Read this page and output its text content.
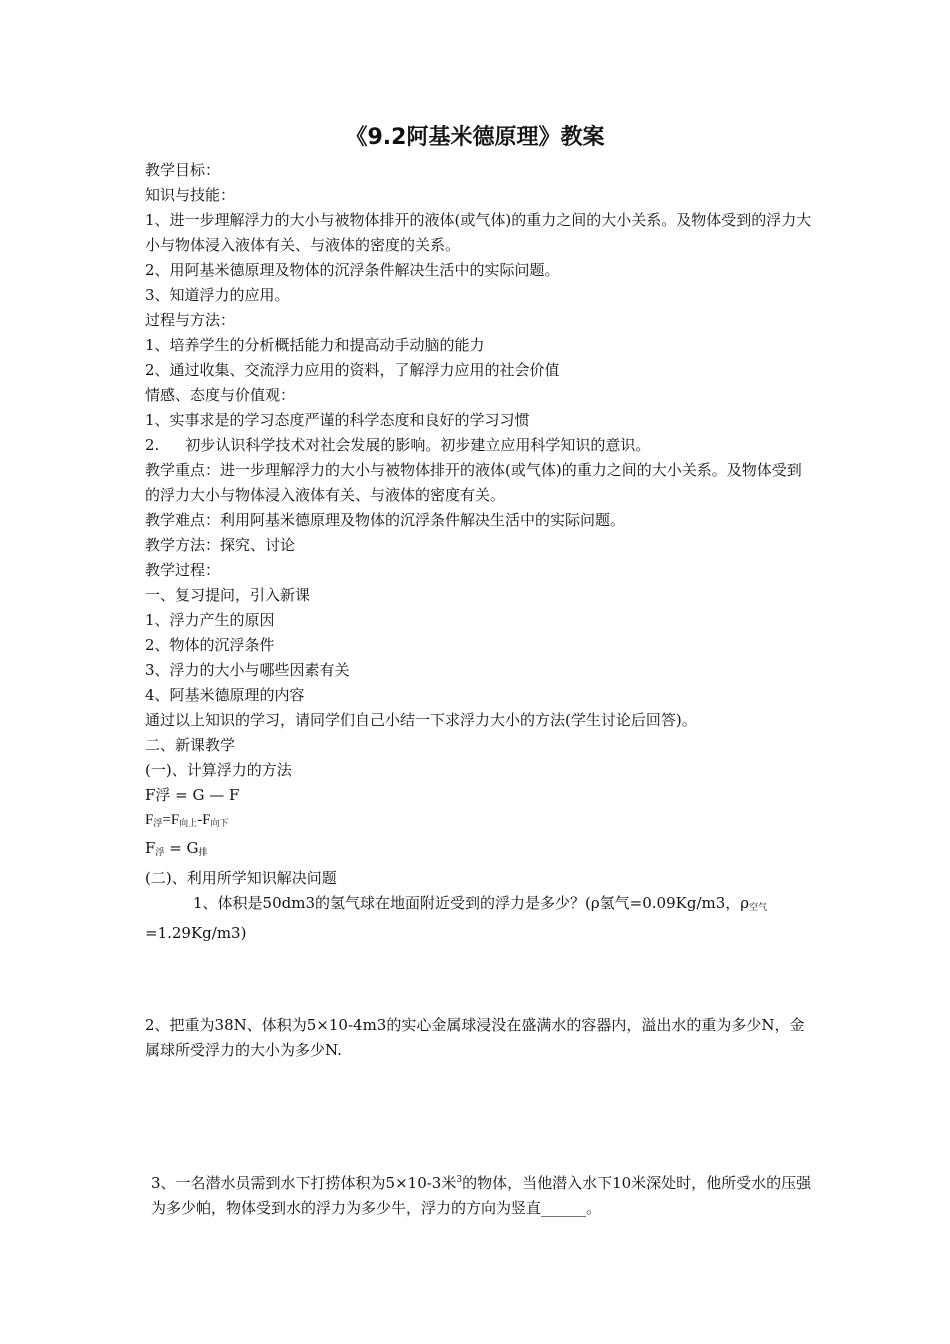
《9.2阿基米德原理》教案
教学目标：
知识与技能：
1、进一步理解浮力的大小与被物体排开的液体(或气体)的重力之间的大小关系。及物体受到的浮力大小与物体浸入液体有关、与液体的密度的关系。
2、用阿基米德原理及物体的沉浮条件解决生活中的实际问题。
3、知道浮力的应用。
过程与方法：
1、培养学生的分析概括能力和提高动手动脑的能力
2、通过收集、交流浮力应用的资料，了解浮力应用的社会价值
情感、态度与价值观：
1、实事求是的学习态度严谨的科学态度和良好的学习习惯
2. 初步认识科学技术对社会发展的影响。初步建立应用科学知识的意识。
教学重点：进一步理解浮力的大小与被物体排开的液体(或气体)的重力之间的大小关系。及物体受到的浮力大小与物体浸入液体有关、与液体的密度有关。
教学难点：利用阿基米德原理及物体的沉浮条件解决生活中的实际问题。
教学方法：探究、讨论
教学过程：
一、复习提问，引入新课
1、浮力产生的原因
2、物体的沉浮条件
3、浮力的大小与哪些因素有关
4、阿基米德原理的内容
通过以上知识的学习，请同学们自己小结一下求浮力大小的方法(学生讨论后回答)。
二、新课教学
(一)、计算浮力的方法
F浮 = G — F
$F_浮=F_{向上}-F_{向下}$
$F_浮 = G_排$
(二)、利用所学知识解决问题
1、体积是50dm3的氢气球在地面附近受到的浮力是多少？(ρ氢气=0.09Kg/m3，$\rho_{空气}$
=1.29Kg/m3)
2、把重为38N、体积为5×10-4m3的实心金属球浸没在盛满水的容器内，溢出水的重为多少N，金属球所受浮力的大小为多少N.
3、一名潜水员需到水下打捞体积为5×10-3米$^3$的物体，当他潜入水下10米深处时，他所受水的压强为多少帕，物体受到水的浮力为多少牛，浮力的方向为竖直______。
